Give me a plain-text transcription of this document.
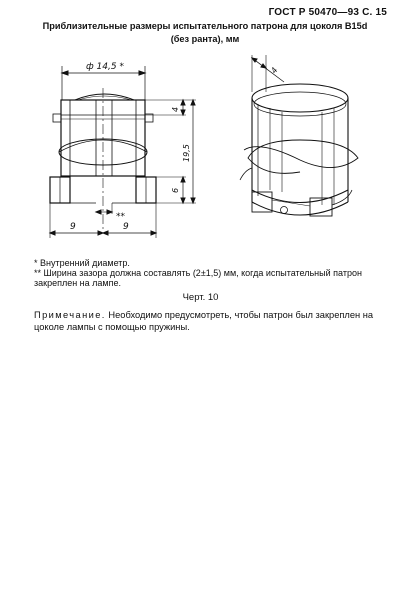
ГОСТ Р 50470—93 С. 15
Приблизительные размеры испытательного патрона для цоколя B15d
(без ранта), мм
ф 14,5 *
4
19,5
6
9	9
**
4
* Внутренний диаметр.
** Ширина зазора должна составлять (2±1,5) мм, когда испытательный патрон закреплен на лампе.
Черт. 10
Примечание. Необходимо предусмотреть, чтобы патрон был закреплен на цоколе лампы с помощью пружины.
